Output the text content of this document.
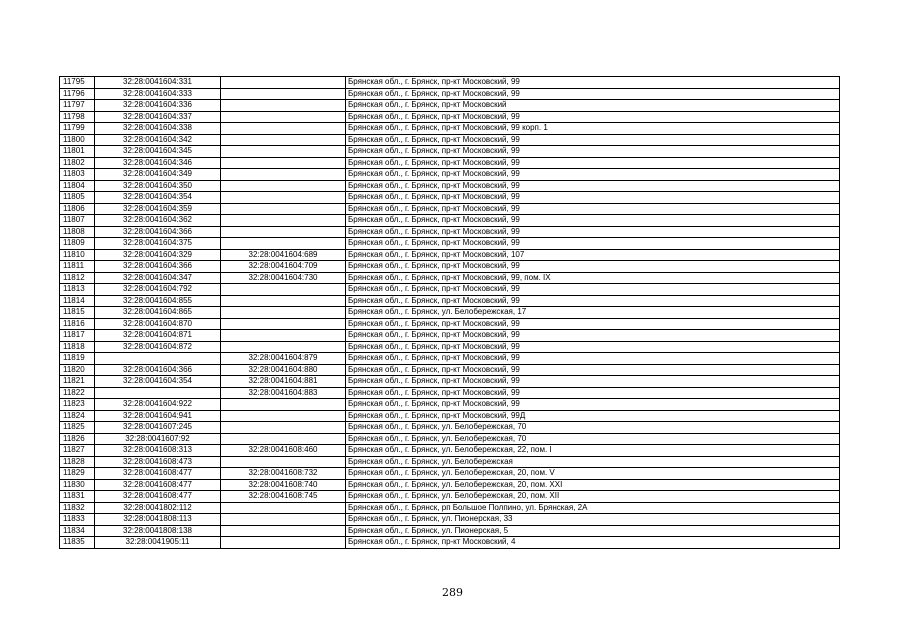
11795	32:28:0041604:331		Брянская обл., г. Брянск, пр-кт Московский, 99
11796	32:28:0041604:333		Брянская обл., г. Брянск, пр-кт Московский, 99
11797	32:28:0041604:336		Брянская обл., г. Брянск, пр-кт Московский
11798	32:28:0041604:337		Брянская обл., г. Брянск, пр-кт Московский, 99
11799	32:28:0041604:338		Брянская обл., г. Брянск, пр-кт Московский, 99 корп. 1
11800	32:28:0041604:342		Брянская обл., г. Брянск, пр-кт Московский, 99
11801	32:28:0041604:345		Брянская обл., г. Брянск, пр-кт Московский, 99
11802	32:28:0041604:346		Брянская обл., г. Брянск, пр-кт Московский, 99
11803	32:28:0041604:349		Брянская обл., г. Брянск, пр-кт Московский, 99
11804	32:28:0041604:350		Брянская обл., г. Брянск, пр-кт Московский, 99
11805	32:28:0041604:354		Брянская обл., г. Брянск, пр-кт Московский, 99
11806	32:28:0041604:359		Брянская обл., г. Брянск, пр-кт Московский, 99
11807	32:28:0041604:362		Брянская обл., г. Брянск, пр-кт Московский, 99
11808	32:28:0041604:366		Брянская обл., г. Брянск, пр-кт Московский, 99
11809	32:28:0041604:375		Брянская обл., г. Брянск, пр-кт Московский, 99
11810	32:28:0041604:329	32:28:0041604:689	Брянская обл., г. Брянск, пр-кт Московский, 107
11811	32:28:0041604:366	32:28:0041604:709	Брянская обл., г. Брянск, пр-кт Московский, 99
11812	32:28:0041604:347	32:28:0041604:730	Брянская обл., г. Брянск, пр-кт Московский, 99, пом. IX
11813	32:28:0041604:792		Брянская обл., г. Брянск, пр-кт Московский, 99
11814	32:28:0041604:855		Брянская обл., г. Брянск, пр-кт Московский, 99
11815	32:28:0041604:865		Брянская обл., г. Брянск, ул. Белобережская, 17
11816	32:28:0041604:870		Брянская обл., г. Брянск, пр-кт Московский, 99
11817	32:28:0041604:871		Брянская обл., г. Брянск, пр-кт Московский, 99
11818	32:28:0041604:872		Брянская обл., г. Брянск, пр-кт Московский, 99
11819		32:28:0041604:879	Брянская обл., г. Брянск, пр-кт Московский, 99
11820	32:28:0041604:366	32:28:0041604:880	Брянская обл., г. Брянск, пр-кт Московский, 99
11821	32:28:0041604:354	32:28:0041604:881	Брянская обл., г. Брянск, пр-кт Московский, 99
11822		32:28:0041604:883	Брянская обл., г. Брянск, пр-кт Московский, 99
11823	32:28:0041604:922		Брянская обл., г. Брянск, пр-кт Московский, 99
11824	32:28:0041604:941		Брянская обл., г. Брянск, пр-кт Московский, 99Д
11825	32:28:0041607:245		Брянская обл., г. Брянск, ул. Белобережская, 70
11826	32:28:0041607:92		Брянская обл., г. Брянск, ул. Белобережская, 70
11827	32:28:0041608:313	32:28:0041608:460	Брянская обл., г. Брянск, ул. Белобережская, 22, пом. I
11828	32:28:0041608:473		Брянская обл., г. Брянск, ул. Белобережская
11829	32:28:0041608:477	32:28:0041608:732	Брянская обл., г. Брянск, ул. Белобережская, 20, пом. V
11830	32:28:0041608:477	32:28:0041608:740	Брянская обл., г. Брянск, ул. Белобережская, 20, пом. XXI
11831	32:28:0041608:477	32:28:0041608:745	Брянская обл., г. Брянск, ул. Белобережская, 20, пом. XII
11832	32:28:0041802:112		Брянская обл., г. Брянск, рп Большое Полпино, ул. Брянская, 2А
11833	32:28:0041808:113		Брянская обл., г. Брянск, ул. Пионерская, 33
11834	32:28:0041808:138		Брянская обл., г. Брянск, ул. Пионерская, 5
11835	32:28:0041905:11		Брянская обл., г. Брянск, пр-кт Московский, 4
289
